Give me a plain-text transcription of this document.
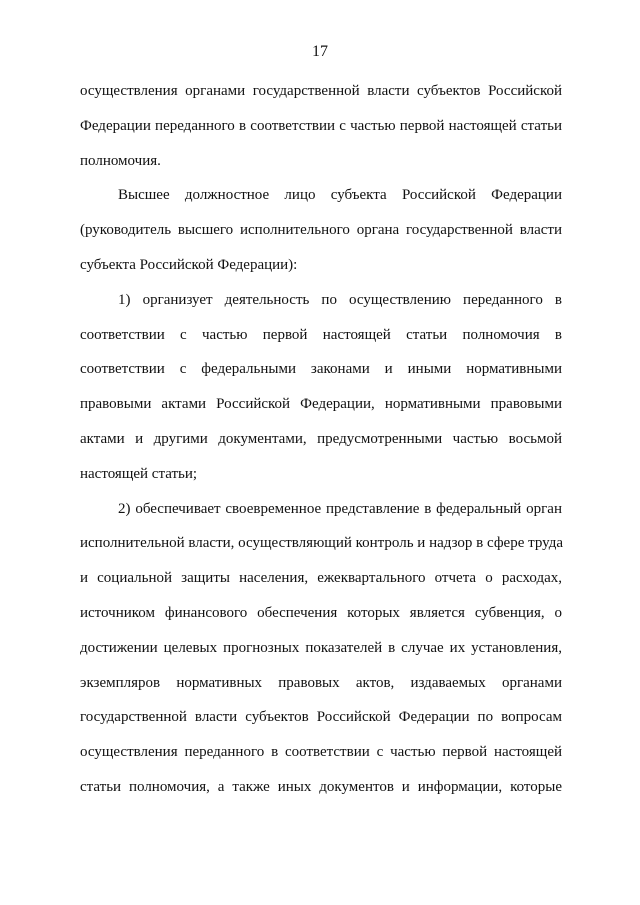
17
осуществления органами государственной власти субъектов Российской
Федерации переданного в соответствии с частью первой настоящей статьи
полномочия.
Высшее должностное лицо субъекта Российской Федерации
(руководитель высшего исполнительного органа государственной власти
субъекта Российской Федерации):
1) организует деятельность по осуществлению переданного в
соответствии с частью первой настоящей статьи полномочия в
соответствии с федеральными законами и иными нормативными
правовыми актами Российской Федерации, нормативными правовыми
актами и другими документами, предусмотренными частью восьмой
настоящей статьи;
2) обеспечивает своевременное представление в федеральный орган
исполнительной власти, осуществляющий контроль и надзор в сфере труда
и социальной защиты населения, ежеквартального отчета о расходах,
источником финансового обеспечения которых является субвенция, о
достижении целевых прогнозных показателей в случае их установления,
экземпляров нормативных правовых актов, издаваемых органами
государственной власти субъектов Российской Федерации по вопросам
осуществления переданного в соответствии с частью первой настоящей
статьи полномочия, а также иных документов и информации, которые
